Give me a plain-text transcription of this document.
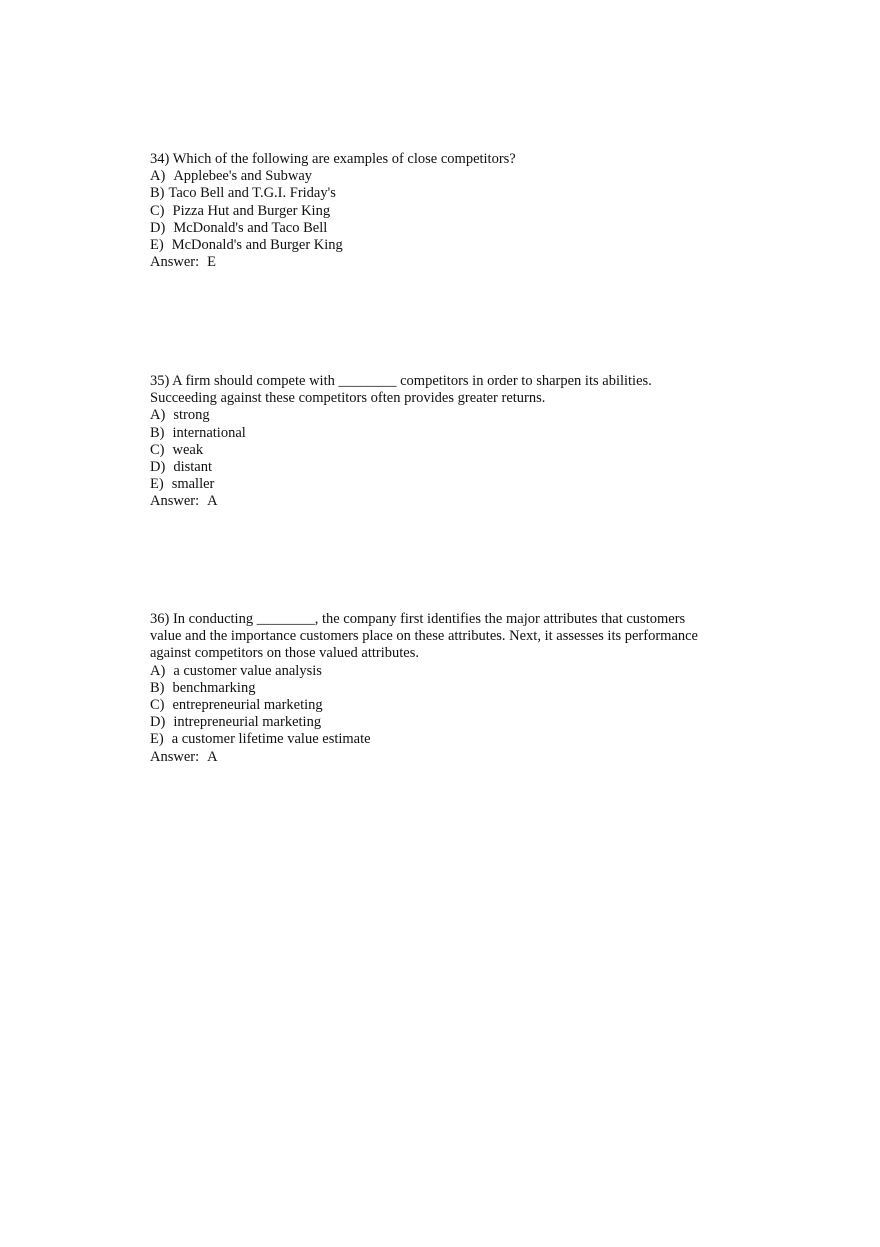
34) Which of the following are examples of close competitors?
A) Applebee's and Subway
B) Taco Bell and T.G.I. Friday's
C) Pizza Hut and Burger King
D) McDonald's and Taco Bell
E) McDonald's and Burger King
Answer: E
35) A firm should compete with ________ competitors in order to sharpen its abilities.
Succeeding against these competitors often provides greater returns.
A) strong
B) international
C) weak
D) distant
E) smaller
Answer: A
36) In conducting ________, the company first identifies the major attributes that customers
value and the importance customers place on these attributes. Next, it assesses its performance
against competitors on those valued attributes.
A) a customer value analysis
B) benchmarking
C) entrepreneurial marketing
D) intrepreneurial marketing
E) a customer lifetime value estimate
Answer: A
